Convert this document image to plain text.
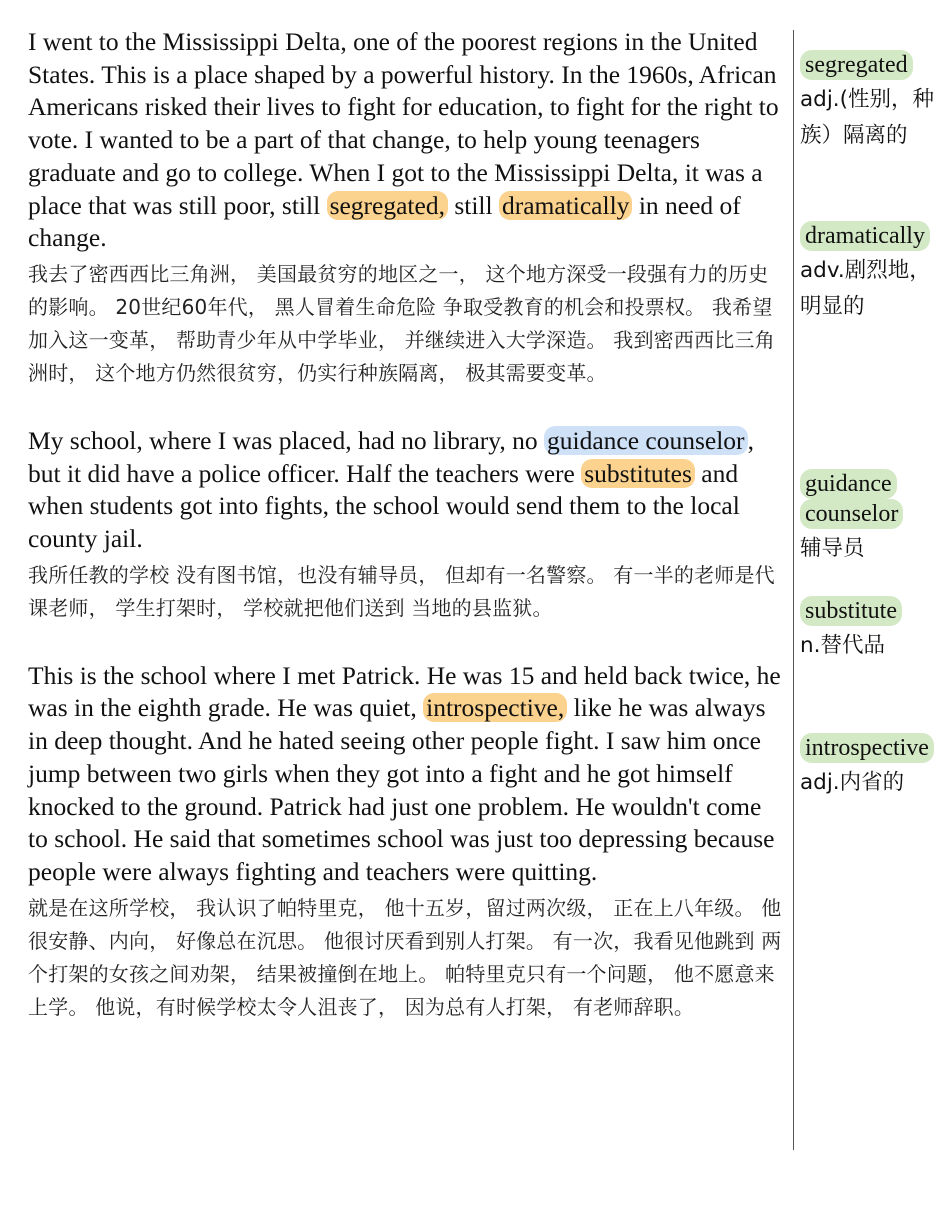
I went to the Mississippi Delta, one of the poorest regions in the United States. This is a place shaped by a powerful history. In the 1960s, African Americans risked their lives to fight for education, to fight for the right to vote. I wanted to be a part of that change, to help young teenagers graduate and go to college. When I got to the Mississippi Delta, it was a place that was still poor, still segregated, still dramatically in need of change.

我去了密西西比三角洲， 美国最贫穷的地区之一， 这个地方深受一段强有力的历史的影响。 20世纪60年代， 黑人冒着生命危险 争取受教育的机会和投票权。 我希望加入这一变革， 帮助青少年从中学毕业， 并继续进入大学深造。 我到密西西比三角洲时， 这个地方仍然很贫穷，仍实行种族隔离， 极其需要变革。

My school, where I was placed, had no library, no guidance counselor , but it did have a police officer. Half the teachers were substitutes and when students got into fights, the school would send them to the local county jail.

我所任教的学校 没有图书馆，也没有辅导员， 但却有一名警察。 有一半的老师是代课老师， 学生打架时， 学校就把他们送到 当地的县监狱。

This is the school where I met Patrick. He was 15 and held back twice, he was in the eighth grade. He was quiet, introspective, like he was always in deep thought. And he hated seeing other people fight. I saw him once jump between two girls when they got into a fight and he got himself knocked to the ground. Patrick had just one problem. He wouldn't come to school. He said that sometimes school was just too depressing because people were always fighting and teachers were quitting.

就是在这所学校， 我认识了帕特里克， 他十五岁，留过两次级， 正在上八年级。 他很安静、内向， 好像总在沉思。 他很讨厌看到别人打架。 有一次，我看见他跳到 两个打架的女孩之间劝架， 结果被撞倒在地上。 帕特里克只有一个问题， 他不愿意来上学。 他说，有时候学校太令人沮丧了， 因为总有人打架， 有老师辞职。

segregated

adj.(性别，种族）隔离的

dramatically

adv.剧烈地，明显的

guidance
counselor

辅导员

substitute

n.替代品

introspective

adj.内省的
